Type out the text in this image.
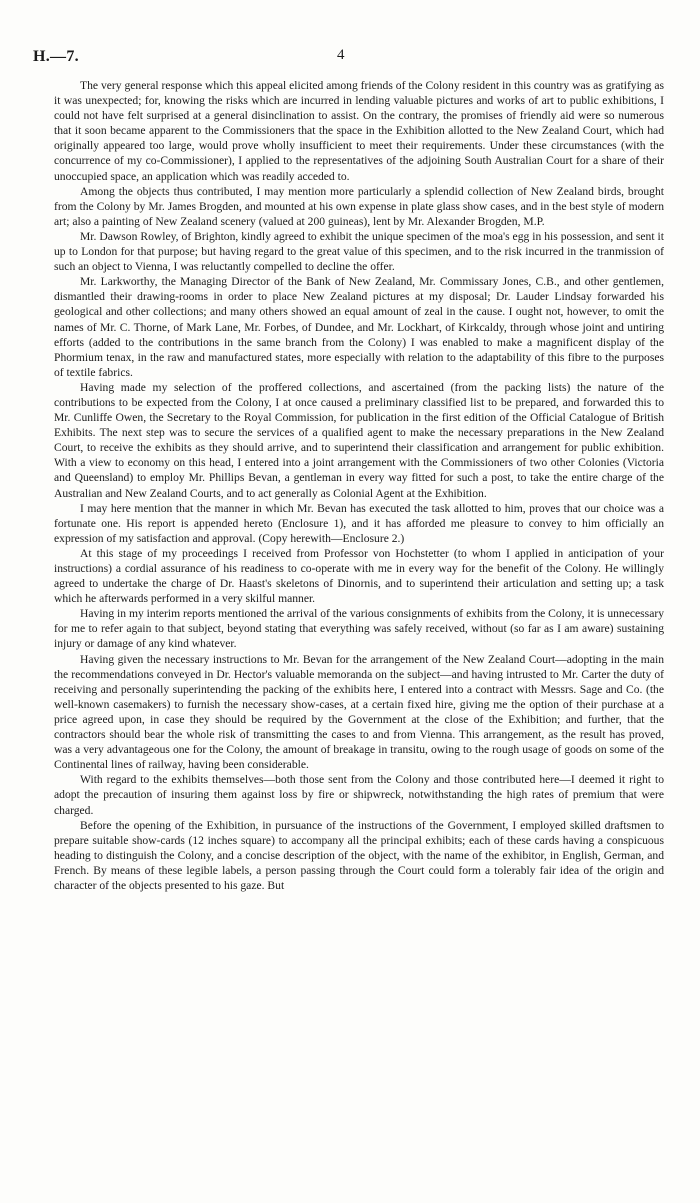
H.—7.	4

The very general response which this appeal elicited among friends of the Colony resident in this country was as gratifying as it was unexpected; for, knowing the risks which are incurred in lending valuable pictures and works of art to public exhibitions, I could not have felt surprised at a general disinclination to assist. On the contrary, the promises of friendly aid were so numerous that it soon became apparent to the Commissioners that the space in the Exhibition allotted to the New Zealand Court, which had originally appeared too large, would prove wholly insufficient to meet their requirements. Under these circumstances (with the concurrence of my co-Commissioner), I applied to the representatives of the adjoining South Australian Court for a share of their unoccupied space, an application which was readily acceded to.

Among the objects thus contributed, I may mention more particularly a splendid collection of New Zealand birds, brought from the Colony by Mr. James Brogden, and mounted at his own expense in plate glass show cases, and in the best style of modern art; also a painting of New Zealand scenery (valued at 200 guineas), lent by Mr. Alexander Brogden, M.P.

Mr. Dawson Rowley, of Brighton, kindly agreed to exhibit the unique specimen of the moa's egg in his possession, and sent it up to London for that purpose; but having regard to the great value of this specimen, and to the risk incurred in the tranmission of such an object to Vienna, I was reluctantly compelled to decline the offer.

Mr. Larkworthy, the Managing Director of the Bank of New Zealand, Mr. Commissary Jones, C.B., and other gentlemen, dismantled their drawing-rooms in order to place New Zealand pictures at my disposal; Dr. Lauder Lindsay forwarded his geological and other collections; and many others showed an equal amount of zeal in the cause. I ought not, however, to omit the names of Mr. C. Thorne, of Mark Lane, Mr. Forbes, of Dundee, and Mr. Lockhart, of Kirkcaldy, through whose joint and untiring efforts (added to the contributions in the same branch from the Colony) I was enabled to make a magnificent display of the Phormium tenax, in the raw and manufactured states, more especially with relation to the adaptability of this fibre to the purposes of textile fabrics.

Having made my selection of the proffered collections, and ascertained (from the packing lists) the nature of the contributions to be expected from the Colony, I at once caused a preliminary classified list to be prepared, and forwarded this to Mr. Cunliffe Owen, the Secretary to the Royal Commission, for publication in the first edition of the Official Catalogue of British Exhibits. The next step was to secure the services of a qualified agent to make the necessary preparations in the New Zealand Court, to receive the exhibits as they should arrive, and to superintend their classification and arrangement for public exhibition. With a view to economy on this head, I entered into a joint arrangement with the Commissioners of two other Colonies (Victoria and Queensland) to employ Mr. Phillips Bevan, a gentleman in every way fitted for such a post, to take the entire charge of the Australian and New Zealand Courts, and to act generally as Colonial Agent at the Exhibition.

I may here mention that the manner in which Mr. Bevan has executed the task allotted to him, proves that our choice was a fortunate one. His report is appended hereto (Enclosure 1), and it has afforded me pleasure to convey to him officially an expression of my satisfaction and approval. (Copy herewith—Enclosure 2.)

At this stage of my proceedings I received from Professor von Hochstetter (to whom I applied in anticipation of your instructions) a cordial assurance of his readiness to co-operate with me in every way for the benefit of the Colony. He willingly agreed to undertake the charge of Dr. Haast's skeletons of Dinornis, and to superintend their articulation and setting up; a task which he afterwards performed in a very skilful manner.

Having in my interim reports mentioned the arrival of the various consignments of exhibits from the Colony, it is unnecessary for me to refer again to that subject, beyond stating that everything was safely received, without (so far as I am aware) sustaining injury or damage of any kind whatever.

Having given the necessary instructions to Mr. Bevan for the arrangement of the New Zealand Court—adopting in the main the recommendations conveyed in Dr. Hector's valuable memoranda on the subject—and having intrusted to Mr. Carter the duty of receiving and personally superintending the packing of the exhibits here, I entered into a contract with Messrs. Sage and Co. (the well-known casemakers) to furnish the necessary show-cases, at a certain fixed hire, giving me the option of their purchase at a price agreed upon, in case they should be required by the Government at the close of the Exhibition; and further, that the contractors should bear the whole risk of transmitting the cases to and from Vienna. This arrangement, as the result has proved, was a very advantageous one for the Colony, the amount of breakage in transitu, owing to the rough usage of goods on some of the Continental lines of railway, having been considerable.

With regard to the exhibits themselves—both those sent from the Colony and those contributed here—I deemed it right to adopt the precaution of insuring them against loss by fire or shipwreck, notwithstanding the high rates of premium that were charged.

Before the opening of the Exhibition, in pursuance of the instructions of the Government, I employed skilled draftsmen to prepare suitable show-cards (12 inches square) to accompany all the principal exhibits; each of these cards having a conspicuous heading to distinguish the Colony, and a concise description of the object, with the name of the exhibitor, in English, German, and French. By means of these legible labels, a person passing through the Court could form a tolerably fair idea of the origin and character of the objects presented to his gaze. But
